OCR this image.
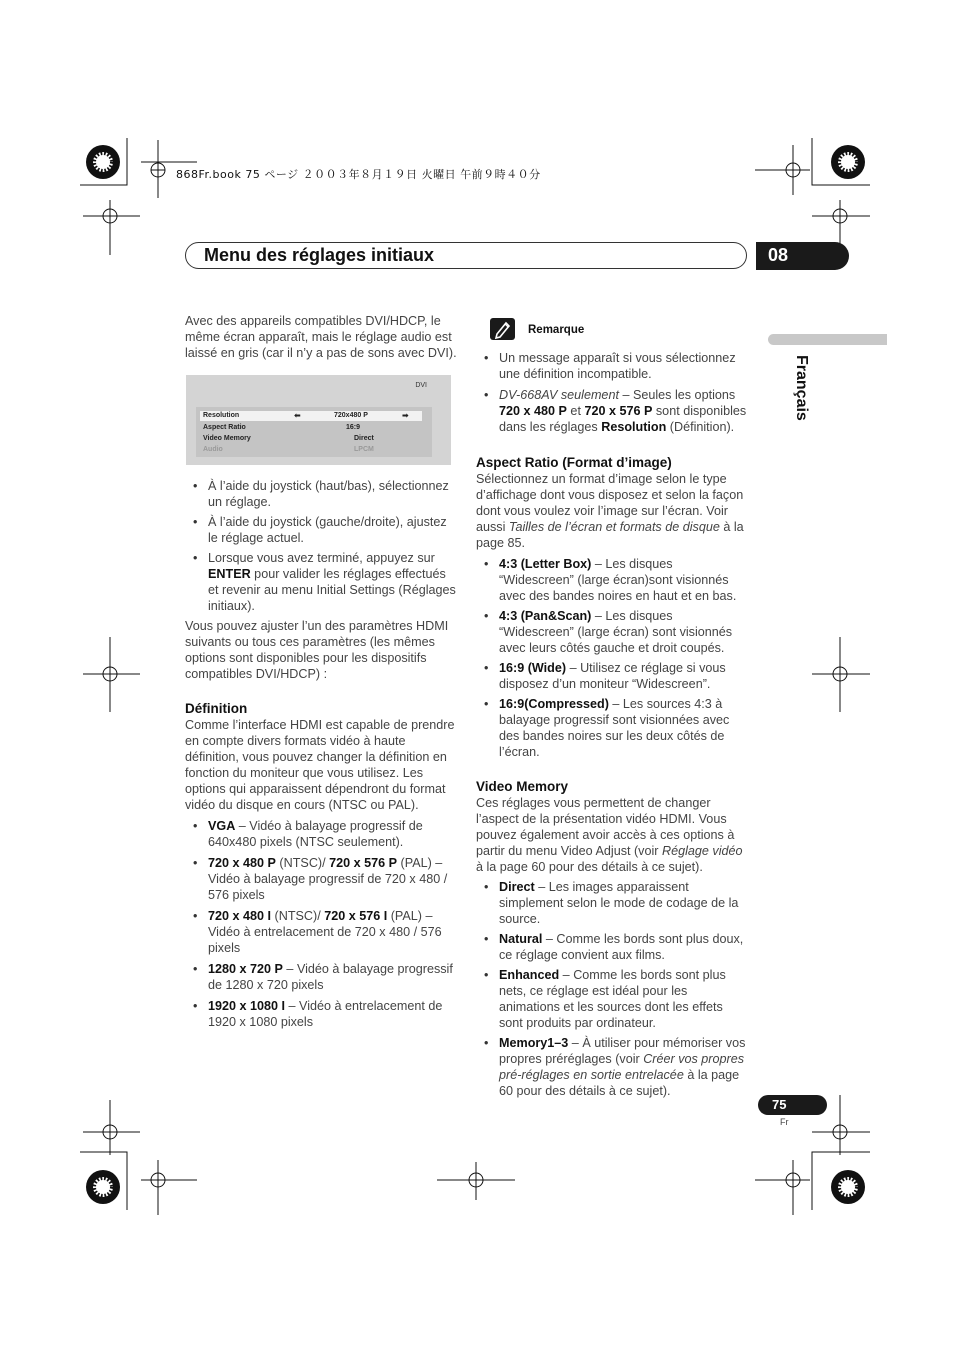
868Fr.book 75 ページ ２００３年８月１９日 火曜日 午前９時４０分
Menu des réglages initiaux	08
Français

Avec des appareils compatibles DVI/HDCP, le même écran apparaît, mais le réglage audio est laissé en gris (car il n’y a pas de sons avec DVI).

DVI
Resolution	⬅	720x480 P	➡
Aspect Ratio	16:9
Video Memory	Direct
Audio	LPCM
• À l’aide du joystick (haut/bas), sélectionnez un réglage.
• À l’aide du joystick (gauche/droite), ajustez le réglage actuel.
• Lorsque vous avez terminé, appuyez sur ENTER pour valider les réglages effectués et revenir au menu Initial Settings (Réglages initiaux).

Vous pouvez ajuster l’un des paramètres HDMI suivants ou tous ces paramètres (les mêmes options sont disponibles pour les dispositifs compatibles DVI/HDCP) :

Définition

Comme l’interface HDMI est capable de prendre en compte divers formats vidéo à haute définition, vous pouvez changer la définition en fonction du moniteur que vous utilisez. Les options qui apparaissent dépendront du format vidéo du disque en cours (NTSC ou PAL).

• VGA – Vidéo à balayage progressif de 640x480 pixels (NTSC seulement).
• 720 x 480 P (NTSC)/ 720 x 576 P (PAL) – Vidéo à balayage progressif de 720 x 480 / 576 pixels
• 720 x 480 I (NTSC)/ 720 x 576 I (PAL) – Vidéo à entrelacement de 720 x 480 / 576 pixels
• 1280 x 720 P – Vidéo à balayage progressif de 1280 x 720 pixels
• 1920 x 1080 I – Vidéo à entrelacement de 1920 x 1080 pixels
Remarque
• Un message apparaît si vous sélectionnez une définition incompatible.
• DV-668AV seulement – Seules les options 720 x 480 P et 720 x 576 P sont disponibles dans les réglages Resolution (Définition).
Aspect Ratio (Format d’image)

Sélectionnez un format d’image selon le type d’affichage dont vous disposez et selon la façon dont vous voulez voir l’image sur l’écran. Voir aussi Tailles de l’écran et formats de disque à la page 85.

• 4:3 (Letter Box) – Les disques “Widescreen” (large écran)sont visionnés avec des bandes noires en haut et en bas.
• 4:3 (Pan&Scan) – Les disques “Widescreen” (large écran) sont visionnés avec leurs côtés gauche et droit coupés.
• 16:9 (Wide) – Utilisez ce réglage si vous disposez d’un moniteur “Widescreen”.
• 16:9(Compressed) – Les sources 4:3 à balayage progressif sont visionnées avec des bandes noires sur les deux côtés de l’écran.
Video Memory

Ces réglages vous permettent de changer l’aspect de la présentation vidéo HDMI. Vous pouvez également avoir accès à ces options à partir du menu Video Adjust (voir Réglage vidéo à la page 60 pour des détails à ce sujet).

• Direct – Les images apparaissent simplement selon le mode de codage de la source.
• Natural – Comme les bords sont plus doux, ce réglage convient aux films.
• Enhanced – Comme les bords sont plus nets, ce réglage est idéal pour les animations et les sources dont les effets sont produits par ordinateur.
• Memory1–3 – À utiliser pour mémoriser vos propres préréglages (voir Créer vos propres pré-réglages en sortie entrelacée à la page 60 pour des détails à ce sujet).
75
Fr
